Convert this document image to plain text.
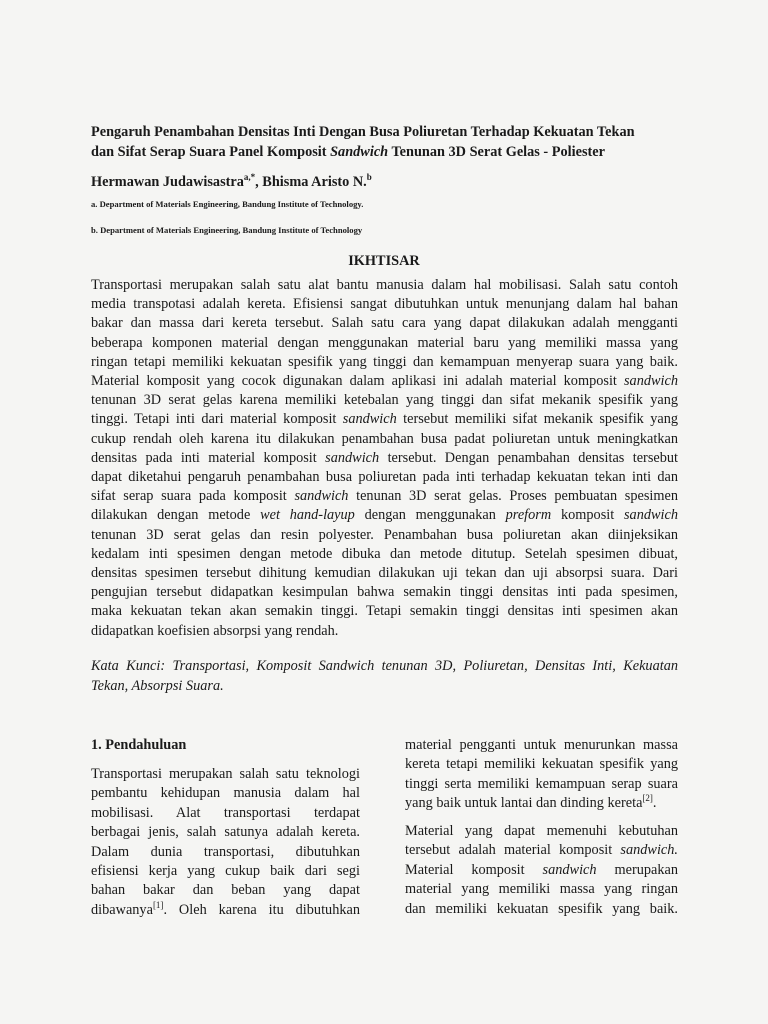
Pengaruh Penambahan Densitas Inti Dengan Busa Poliuretan Terhadap Kekuatan Tekan
dan Sifat Serap Suara Panel Komposit Sandwich Tenunan 3D Serat Gelas - Poliester
Hermawan Judawisastra$^{a,*}$, Bhisma Aristo N.$^b$
a. Department of Materials Engineering, Bandung Institute of Technology.
b. Department of Materials Engineering, Bandung Institute of Technology
IKHTISAR
Transportasi merupakan salah satu alat bantu manusia dalam hal mobilisasi. Salah satu contoh
media transpotasi adalah kereta. Efisiensi sangat dibutuhkan untuk menunjang dalam hal bahan
bakar dan massa dari kereta tersebut. Salah satu cara yang dapat dilakukan adalah mengganti
beberapa komponen material dengan menggunakan material baru yang memiliki massa yang
ringan tetapi memiliki kekuatan spesifik yang tinggi dan kemampuan menyerap suara yang baik.
Material komposit yang cocok digunakan dalam aplikasi ini adalah material komposit sandwich
tenunan 3D serat gelas karena memiliki ketebalan yang tinggi dan sifat mekanik spesifik yang
tinggi. Tetapi inti dari material komposit sandwich tersebut memiliki sifat mekanik spesifik yang
cukup rendah oleh karena itu dilakukan penambahan busa padat poliuretan untuk meningkatkan
densitas pada inti material komposit sandwich tersebut. Dengan penambahan densitas tersebut
dapat diketahui pengaruh penambahan busa poliuretan pada inti terhadap kekuatan tekan inti dan
sifat serap suara pada komposit sandwich tenunan 3D serat gelas. Proses pembuatan spesimen
dilakukan dengan metode wet hand-layup dengan menggunakan preform komposit sandwich
tenunan 3D serat gelas dan resin polyester. Penambahan busa poliuretan akan diinjeksikan
kedalam inti spesimen dengan metode dibuka dan metode ditutup. Setelah spesimen dibuat,
densitas spesimen tersebut dihitung kemudian dilakukan uji tekan dan uji absorpsi suara. Dari
pengujian tersebut didapatkan kesimpulan bahwa semakin tinggi densitas inti pada spesimen,
maka kekuatan tekan akan semakin tinggi. Tetapi semakin tinggi densitas inti spesimen akan
didapatkan koefisien absorpsi yang rendah.
Kata Kunci: Transportasi, Komposit Sandwich tenunan 3D, Poliuretan, Densitas Inti, Kekuatan
Tekan, Absorpsi Suara.
1. Pendahuluan
Transportasi merupakan salah satu teknologi
pembantu kehidupan manusia dalam hal
mobilisasi. Alat transportasi terdapat
berbagai jenis, salah satunya adalah kereta.
Dalam dunia transportasi, dibutuhkan
efisiensi kerja yang cukup baik dari segi
bahan bakar dan beban yang dapat
dibawanya[1]. Oleh karena itu dibutuhkan
material pengganti untuk menurunkan massa
kereta tetapi memiliki kekuatan spesifik yang
tinggi serta memiliki kemampuan serap suara
yang baik untuk lantai dan dinding kereta[2].
Material yang dapat memenuhi kebutuhan
tersebut adalah material komposit sandwich.
Material komposit sandwich merupakan
material yang memiliki massa yang ringan
dan memiliki kekuatan spesifik yang baik.
